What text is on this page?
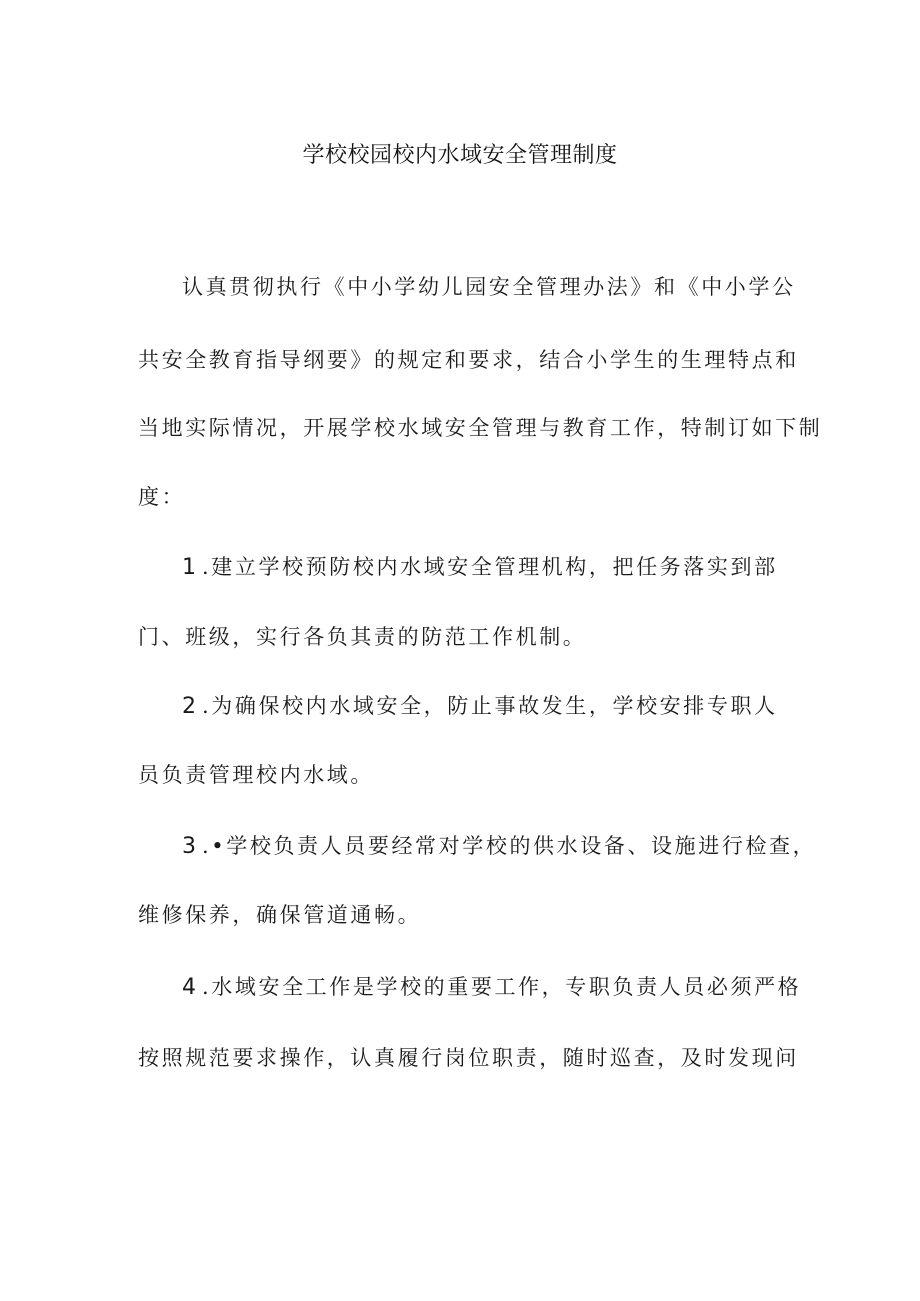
学校校园校内水域安全管理制度
认真贯彻执行《中小学幼儿园安全管理办法》和《中小学公
共安全教育指导纲要》的规定和要求，结合小学生的生理特点和
当地实际情况，开展学校水域安全管理与教育工作，特制订如下制
度：
1.建立学校预防校内水域安全管理机构，把任务落实到部
门、班级，实行各负其责的防范工作机制。
2.为确保校内水域安全，防止事故发生，学校安排专职人
员负责管理校内水域。
3.•学校负责人员要经常对学校的供水设备、设施进行检查，
维修保养，确保管道通畅。
4.水域安全工作是学校的重要工作，专职负责人员必须严格
按照规范要求操作，认真履行岗位职责，随时巡查，及时发现问
